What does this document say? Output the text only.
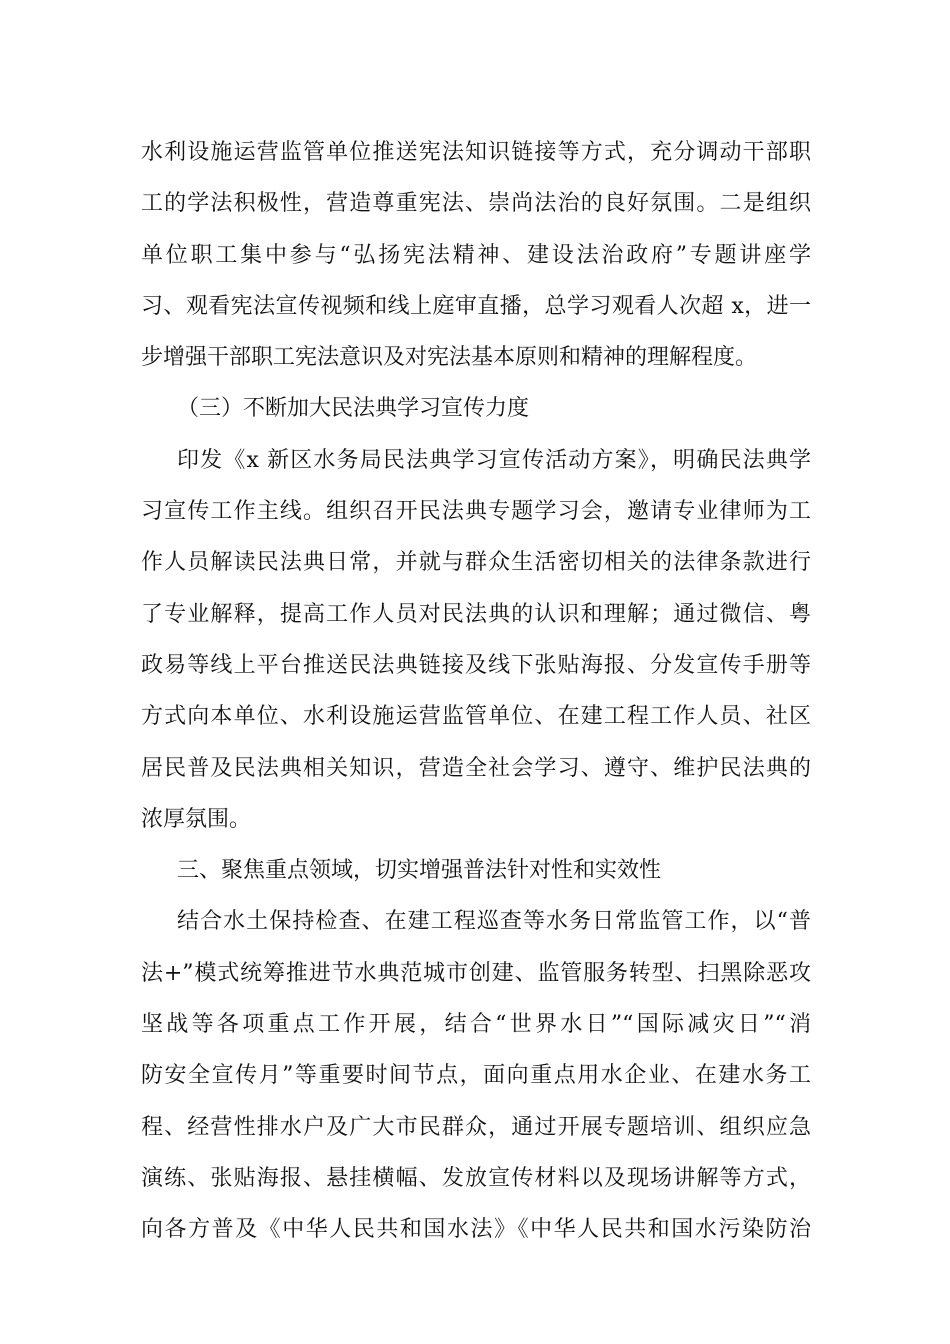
水利设施运营监管单位推送宪法知识链接等方式，充分调动干部职
工的学法积极性，营造尊重宪法、崇尚法治的良好氛围。二是组织
单位职工集中参与“弘扬宪法精神、建设法治政府”专题讲座学
习、观看宪法宣传视频和线上庭审直播，总学习观看人次超 x，进一
步增强干部职工宪法意识及对宪法基本原则和精神的理解程度。
（三）不断加大民法典学习宣传力度
印发《x 新区水务局民法典学习宣传活动方案》，明确民法典学
习宣传工作主线。组织召开民法典专题学习会，邀请专业律师为工
作人员解读民法典日常，并就与群众生活密切相关的法律条款进行
了专业解释，提高工作人员对民法典的认识和理解；通过微信、粤
政易等线上平台推送民法典链接及线下张贴海报、分发宣传手册等
方式向本单位、水利设施运营监管单位、在建工程工作人员、社区
居民普及民法典相关知识，营造全社会学习、遵守、维护民法典的
浓厚氛围。
三、聚焦重点领域，切实增强普法针对性和实效性
结合水土保持检查、在建工程巡查等水务日常监管工作，以“普
法+”模式统筹推进节水典范城市创建、监管服务转型、扫黑除恶攻
坚战等各项重点工作开展，结合“世界水日”“国际减灾日”“消
防安全宣传月”等重要时间节点，面向重点用水企业、在建水务工
程、经营性排水户及广大市民群众，通过开展专题培训、组织应急
演练、张贴海报、悬挂横幅、发放宣传材料以及现场讲解等方式，
向各方普及《中华人民共和国水法》《中华人民共和国水污染防治
